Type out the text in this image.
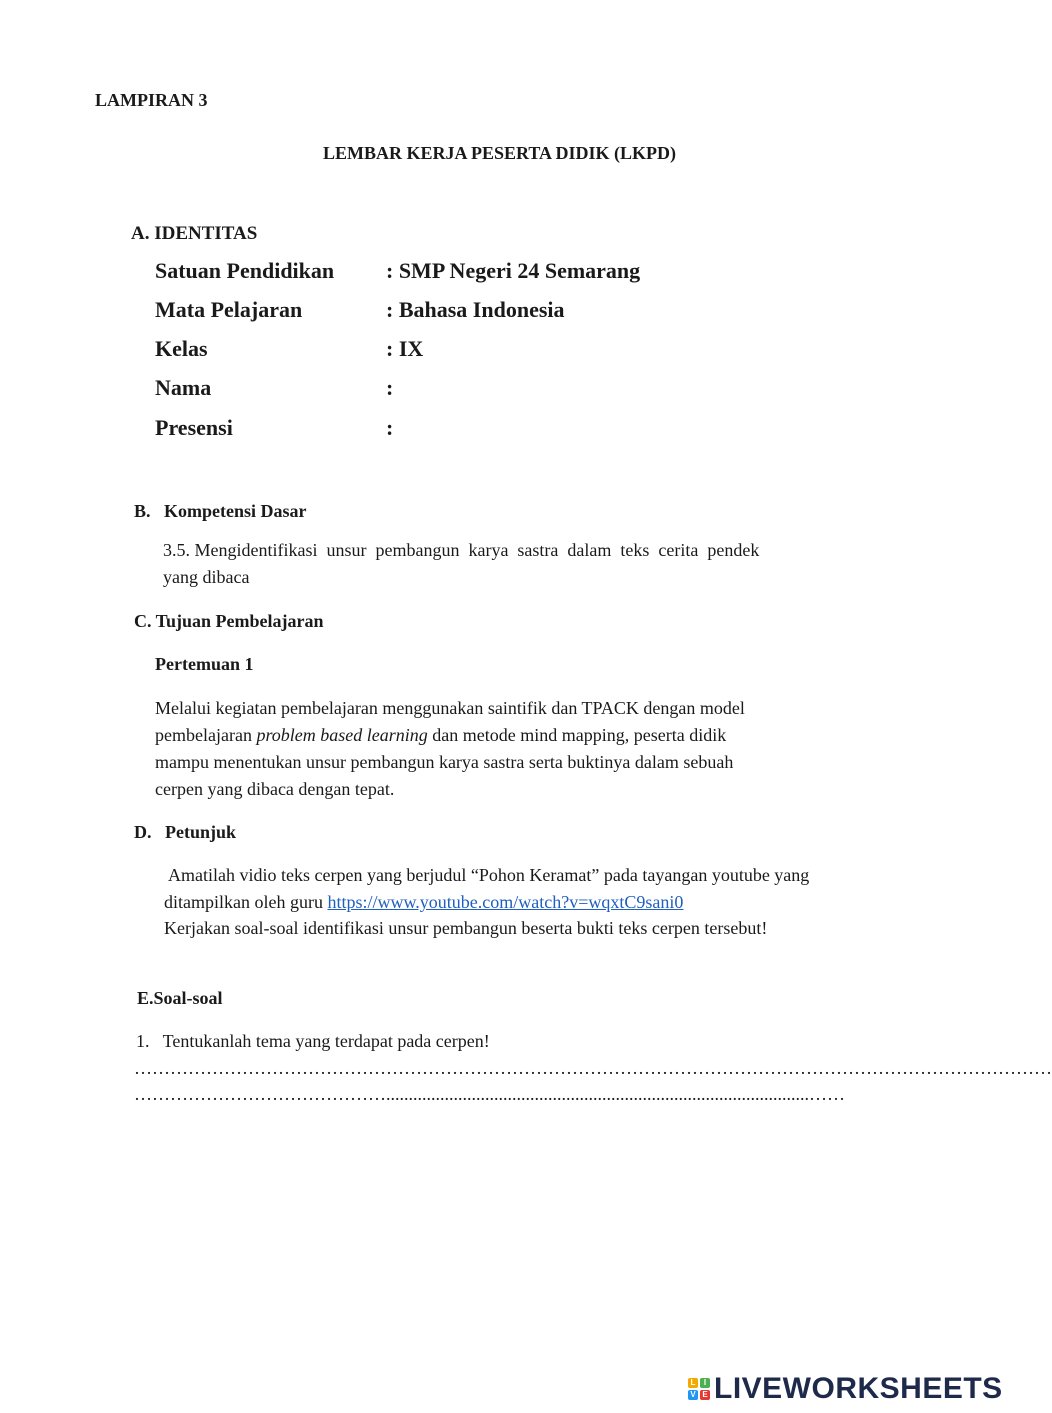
LAMPIRAN 3
LEMBAR KERJA PESERTA DIDIK (LKPD)
A. IDENTITAS
Satuan Pendidikan : SMP Negeri 24 Semarang
Mata Pelajaran	: Bahasa Indonesia
Kelas	: IX
Nama	:
Presensi	:
B.   Kompetensi Dasar
3.5. Mengidentifikasi  unsur  pembangun  karya  sastra  dalam  teks  cerita  pendek
yang dibaca
C. Tujuan Pembelajaran
Pertemuan 1
Melalui kegiatan pembelajaran menggunakan saintifik dan TPACK dengan model
pembelajaran problem based learning dan metode mind mapping, peserta didik
mampu menentukan unsur pembangun karya sastra serta buktinya dalam sebuah
cerpen yang dibaca dengan tepat.
D.   Petunjuk
Amatilah vidio teks cerpen yang berjudul “Pohon Keramat” pada tayangan youtube yang
ditampilkan oleh guru https://www.youtube.com/watch?v=wqxtC9sani0
Kerjakan soal-soal identifikasi unsur pembangun beserta bukti teks cerpen tersebut!
E.Soal-soal
1.   Tentukanlah tema yang terdapat pada cerpen!
………………………………………………………………………………………………………………………………………
……………………………………..............................................................................................……
L	I
V E LIVEWORKSHEETS
